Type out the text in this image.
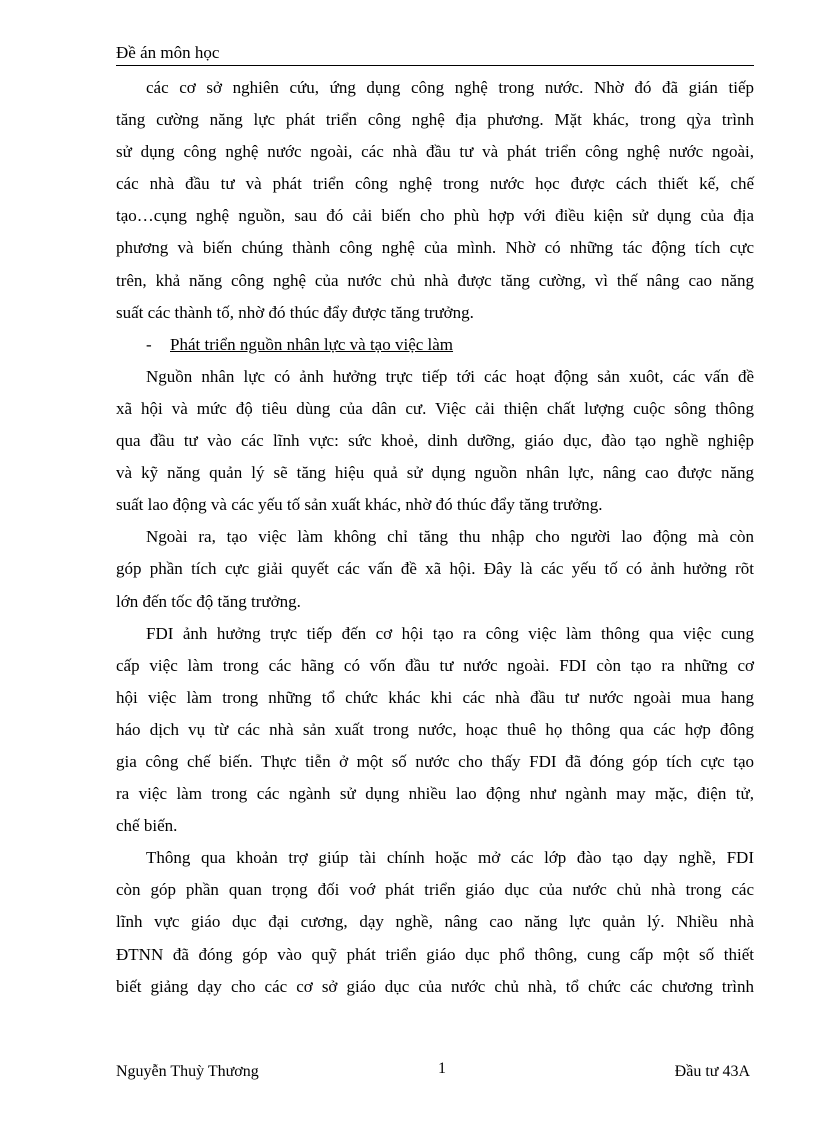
Đề án môn học
các cơ sở nghiên cứu, ứng dụng công nghệ trong nước. Nhờ đó đã gián tiếp
tăng cường năng lực phát triển công nghệ địa phương. Mặt khác, trong qỳa trình
sử dụng công nghệ nước ngoài, các nhà đầu tư và phát triển công nghệ nước ngoài,
các nhà đầu tư và phát triển công nghệ trong nước học được cách thiết kế, chế
tạo…cụng nghệ nguồn, sau đó cải biến cho phù hợp với điều kiện sử dụng của địa
phương và biến chúng thành công nghệ của mình. Nhờ có những tác động tích cực
trên, khả năng công nghệ của nước chủ nhà được tăng cường, vì thế nâng cao năng
suất các thành tố, nhờ đó thúc đẩy được tăng trưởng.
- Phát triển nguồn nhân lực và tạo việc làm
Nguồn nhân lực có ảnh hưởng trực tiếp tới các hoạt động sản xuôt, các vấn đề
xã hội và mức độ tiêu dùng của dân cư. Việc cải thiện chất lượng cuộc sông thông
qua đầu tư vào các lĩnh vực: sức khoẻ, dinh dưỡng, giáo dục, đào tạo nghề nghiệp
và kỹ năng quản lý sẽ tăng hiệu quả sử dụng nguồn nhân lực, nâng cao được năng
suất lao động và các yếu tố sản xuất khác, nhờ đó thúc đẩy tăng trưởng.
Ngoài ra, tạo việc làm không chỉ tăng thu nhập cho người lao động mà còn
góp phần tích cực giải quyết các vấn đề xã hội. Đây là các yếu tố có ảnh hưởng rõt
lớn đến tốc độ tăng trưởng.
FDI ảnh hưởng trực tiếp đến cơ hội tạo ra công việc làm thông qua việc cung
cấp việc làm trong các hãng có vốn đầu tư nước ngoài. FDI còn tạo ra những cơ
hội việc làm trong những tổ chức khác khi các nhà đầu tư nước ngoài mua hang
háo dịch vụ từ các nhà sản xuất trong nước, hoạc thuê họ thông qua các hợp đông
gia công chế biến. Thực tiễn ở một số nước cho thấy FDI đã đóng góp tích cực tạo
ra việc làm trong các ngành sử dụng nhiều lao động như ngành may mặc, điện tử,
chế biến.
Thông qua khoản trợ giúp tài chính hoặc mở các lớp đào tạo dạy nghề, FDI
còn góp phần quan trọng đối voớ phát triển giáo dục của nước chủ nhà trong các
lĩnh vực giáo dục đại cương, dạy nghề, nâng cao năng lực quản lý. Nhiều nhà
ĐTNN đã đóng góp vào quỹ phát triển giáo dục phổ thông, cung cấp một số thiết
biết giảng dạy cho các cơ sở giáo dục của nước chủ nhà, tổ chức các chương trình
Nguyễn Thuỳ Thương	1	Đầu tư 43A
